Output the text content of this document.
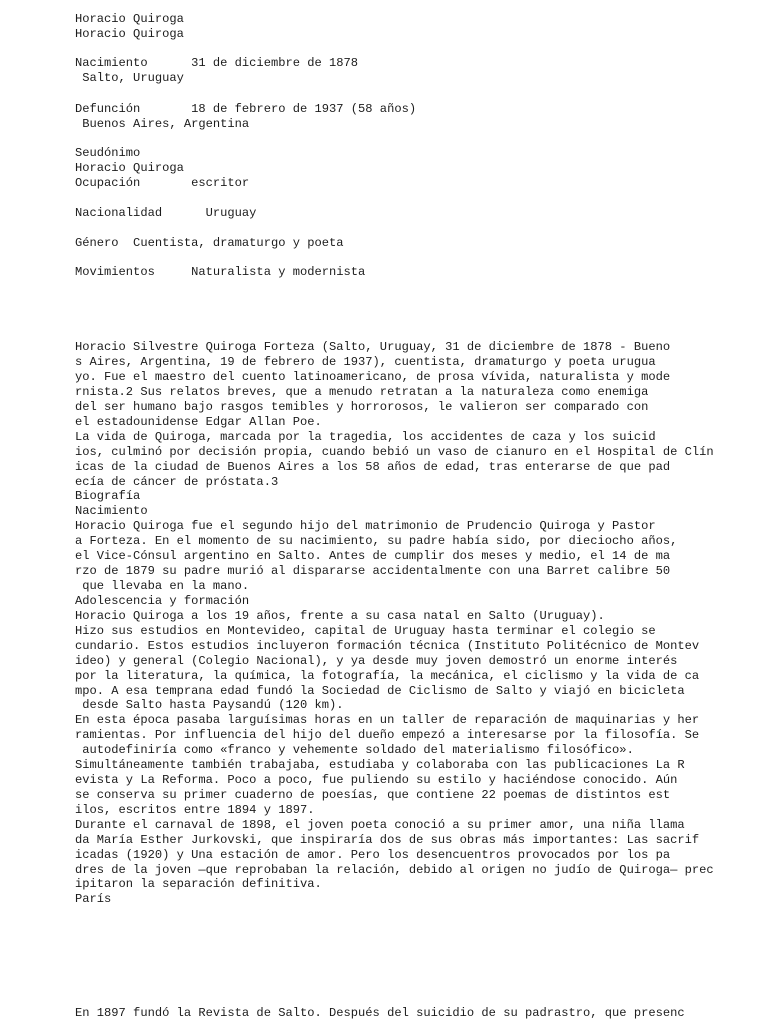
Horacio Quiroga

Horacio Quiroga

Nacimiento      31 de diciembre de 1878

Salto, Uruguay

Defunción       18 de febrero de 1937 (58 años)

Buenos Aires, Argentina

Seudónimo

Horacio Quiroga

Ocupación       escritor

Nacionalidad      Uruguay

Género  Cuentista, dramaturgo y poeta

Movimientos     Naturalista y modernista

Horacio Silvestre Quiroga Forteza (Salto, Uruguay, 31 de diciembre de 1878 - Bueno

s Aires, Argentina, 19 de febrero de 1937), cuentista, dramaturgo y poeta urugua

yo. Fue el maestro del cuento latinoamericano, de prosa vívida, naturalista y mode

rnista.2 Sus relatos breves, que a menudo retratan a la naturaleza como enemiga

del ser humano bajo rasgos temibles y horrorosos, le valieron ser comparado con

el estadounidense Edgar Allan Poe.

La vida de Quiroga, marcada por la tragedia, los accidentes de caza y los suicid

ios, culminó por decisión propia, cuando bebió un vaso de cianuro en el Hospital de Clín

icas de la ciudad de Buenos Aires a los 58 años de edad, tras enterarse de que pad

ecía de cáncer de próstata.3

Biografía

Nacimiento

Horacio Quiroga fue el segundo hijo del matrimonio de Prudencio Quiroga y Pastor

a Forteza. En el momento de su nacimiento, su padre había sido, por dieciocho años,

el Vice-Cónsul argentino en Salto. Antes de cumplir dos meses y medio, el 14 de ma

rzo de 1879 su padre murió al dispararse accidentalmente con una Barret calibre 50

que llevaba en la mano.

Adolescencia y formación

Horacio Quiroga a los 19 años, frente a su casa natal en Salto (Uruguay).

Hizo sus estudios en Montevideo, capital de Uruguay hasta terminar el colegio se

cundario. Estos estudios incluyeron formación técnica (Instituto Politécnico de Montev

ideo) y general (Colegio Nacional), y ya desde muy joven demostró un enorme interés

por la literatura, la química, la fotografía, la mecánica, el ciclismo y la vida de ca

mpo. A esa temprana edad fundó la Sociedad de Ciclismo de Salto y viajó en bicicleta

desde Salto hasta Paysandú (120 km).

En esta época pasaba larguísimas horas en un taller de reparación de maquinarias y her

ramientas. Por influencia del hijo del dueño empezó a interesarse por la filosofía. Se

autodefiniría como «franco y vehemente soldado del materialismo filosófico».

Simultáneamente también trabajaba, estudiaba y colaboraba con las publicaciones La R

evista y La Reforma. Poco a poco, fue puliendo su estilo y haciéndose conocido. Aún

se conserva su primer cuaderno de poesías, que contiene 22 poemas de distintos est

ilos, escritos entre 1894 y 1897.

Durante el carnaval de 1898, el joven poeta conoció a su primer amor, una niña llama

da María Esther Jurkovski, que inspiraría dos de sus obras más importantes: Las sacrif

icadas (1920) y Una estación de amor. Pero los desencuentros provocados por los pa

dres de la joven —que reprobaban la relación, debido al origen no judío de Quiroga— prec

ipitaron la separación definitiva.

París

En 1897 fundó la Revista de Salto. Después del suicidio de su padrastro, que presenc
